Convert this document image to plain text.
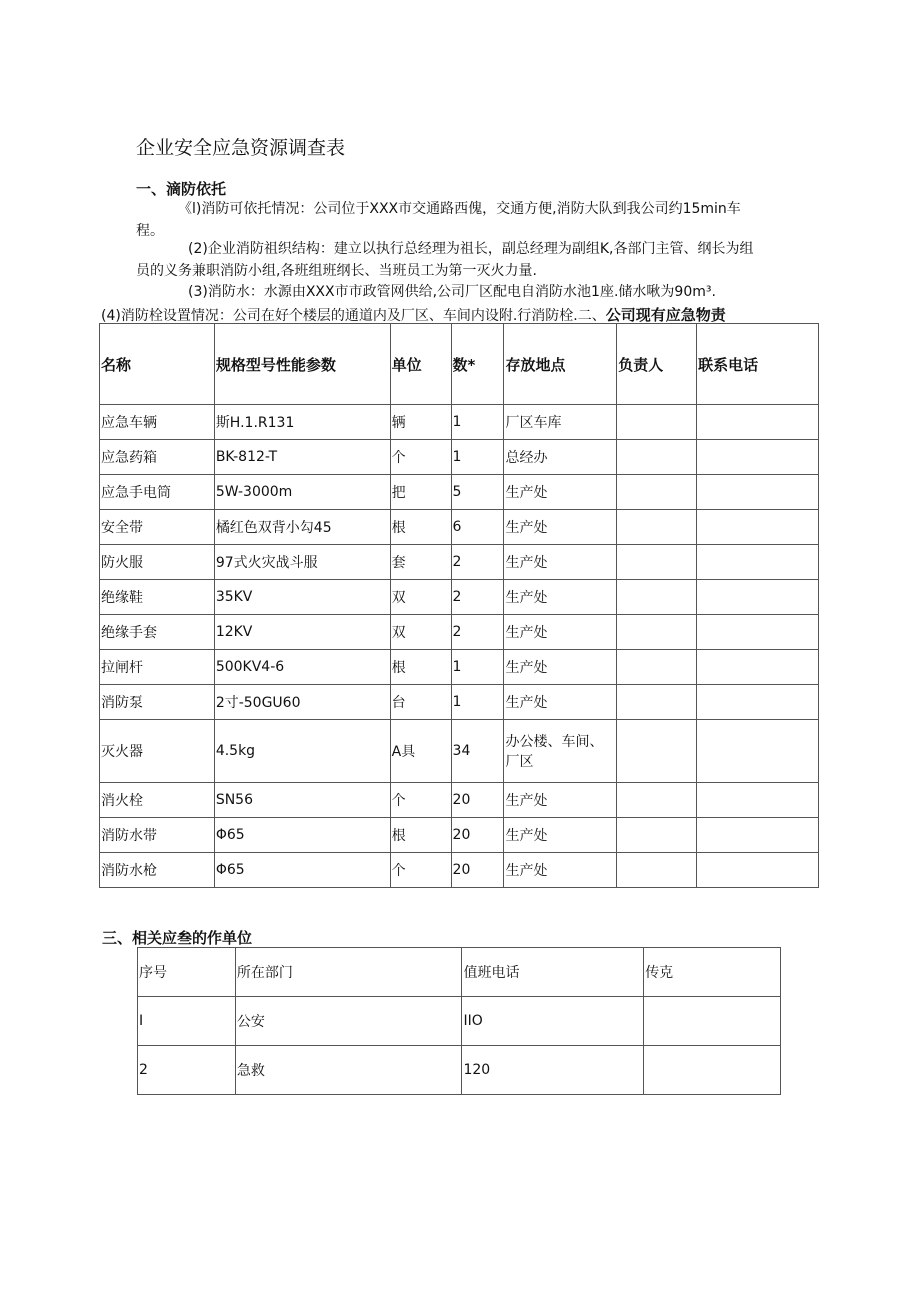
企业安全应急资源调查表
一、滴防依托
《l)消防可依托情况：公司位于XXX市交通路西傀，交通方便,消防大队到我公司约15min车
程。
(2)企业消防祖织结构：建立以执行总经理为祖长，副总经理为副组K,各部门主管、纲长为组
员的义务兼职消防小组,各班组班纲长、当班员工为第一灭火力量.
(3)消防水：水源由XXX市市政管网供给,公司厂区配电自消防水池1座.储水啾为90m³.
(4)消防栓设置情况：公司在好个楼层的通道内及厂区、车间内设附.行消防栓.二、公司现有应急物责
名称	规格型号性能参数	单位	数*	存放地点	负责人	联系电话
应急车辆	斯H.1.R131	辆	1	厂区车库		
应急药箱	BK-812-T	个	1	总经办		
应急手电筒	5W-3000m	把	5	生产处		
安全带	橘红色双背小勾45	根	6	生产处		
防火服	97式火灾战斗服	套	2	生产处		
绝缘鞋	35KV	双	2	生产处		
绝缘手套	12KV	双	2	生产处		
拉闸杆	500KV4-6	根	1	生产处		
消防泵	2寸-50GU60	台	1	生产处		
灭火器	4.5kg	A具	34	办公楼、车间、厂区		
消火栓	SN56	个	20	生产处		
消防水带	Φ65	根	20	生产处		
消防水枪	Φ65	个	20	生产处		
三、相关应叁的作单位
序号	所在部门	值班电话	传克
I	公安	IIO	
2	急救	120	
